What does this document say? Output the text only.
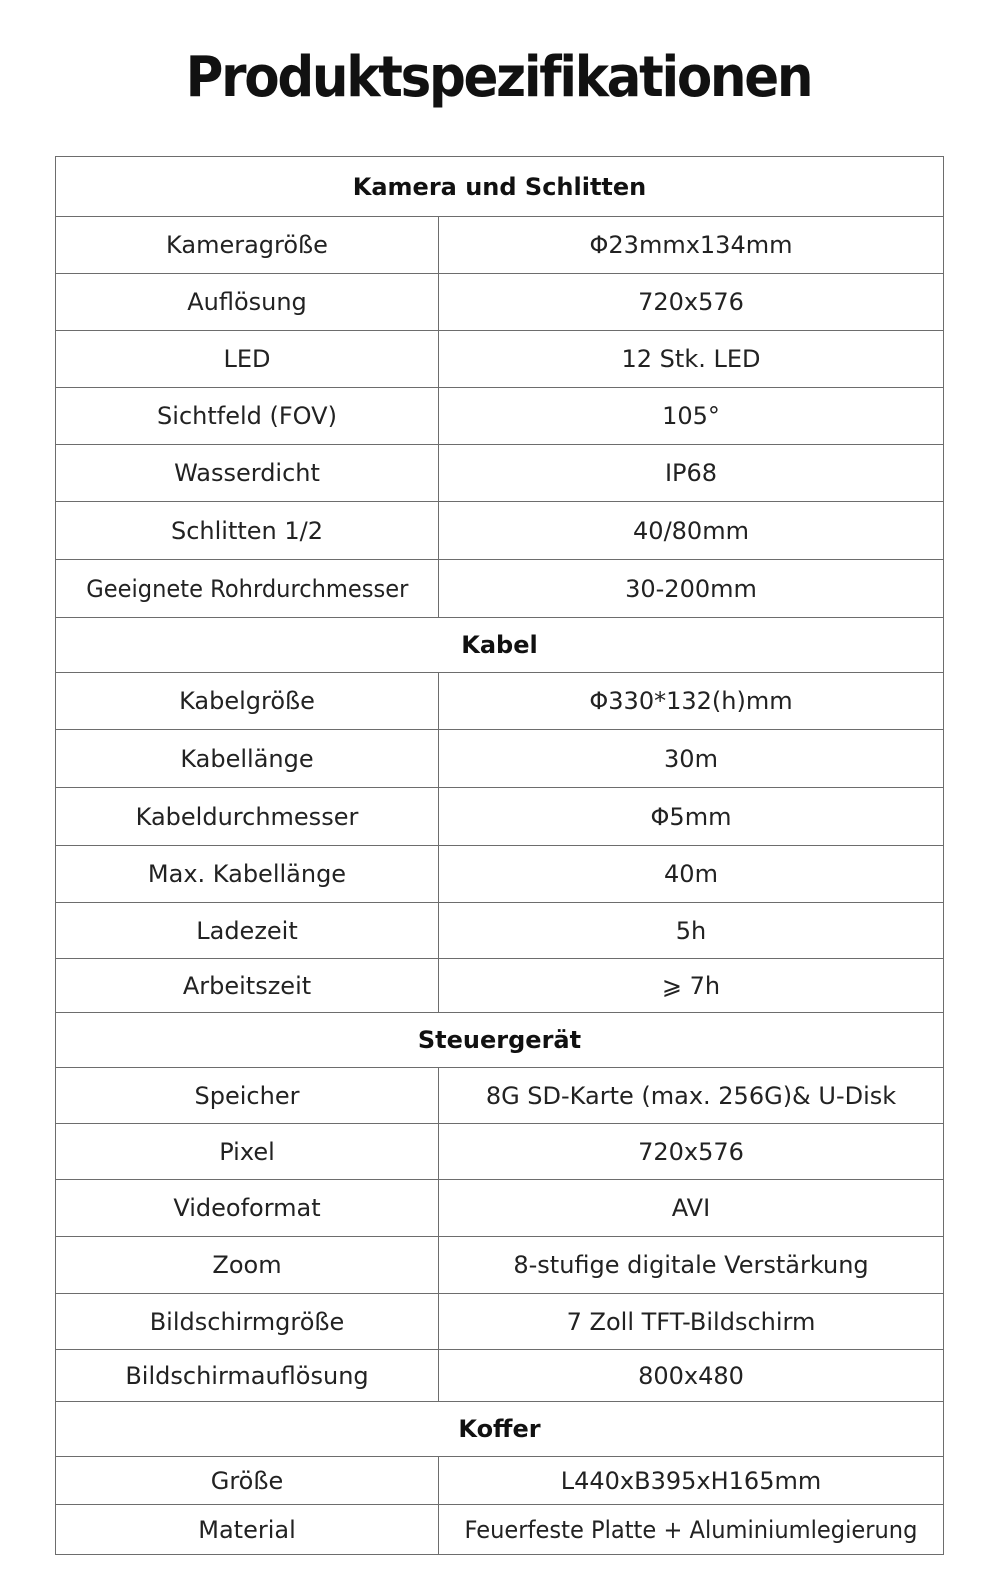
Produktspezifikationen
Kamera und Schlitten	
Kameragröße	Φ23mmx134mm
Auflösung	720x576
LED	12 Stk. LED
Sichtfeld (FOV)	105°
Wasserdicht	IP68
Schlitten 1/2	40/80mm
Geeignete Rohrdurchmesser	30-200mm
Kabel	
Kabelgröße	Φ330*132(h)mm
Kabellänge	30m
Kabeldurchmesser	Φ5mm
Max. Kabellänge	40m
Ladezeit	5h
Arbeitszeit	⩾ 7h
Steuergerät	
Speicher	8G SD-Karte (max. 256G)& U-Disk
Pixel	720x576
Videoformat	AVI
Zoom	8-stufige digitale Verstärkung
Bildschirmgröße	7 Zoll TFT-Bildschirm
Bildschirmauflösung	800x480
Koffer	
Größe	L440xB395xH165mm
Material	Feuerfeste Platte + Aluminiumlegierung
